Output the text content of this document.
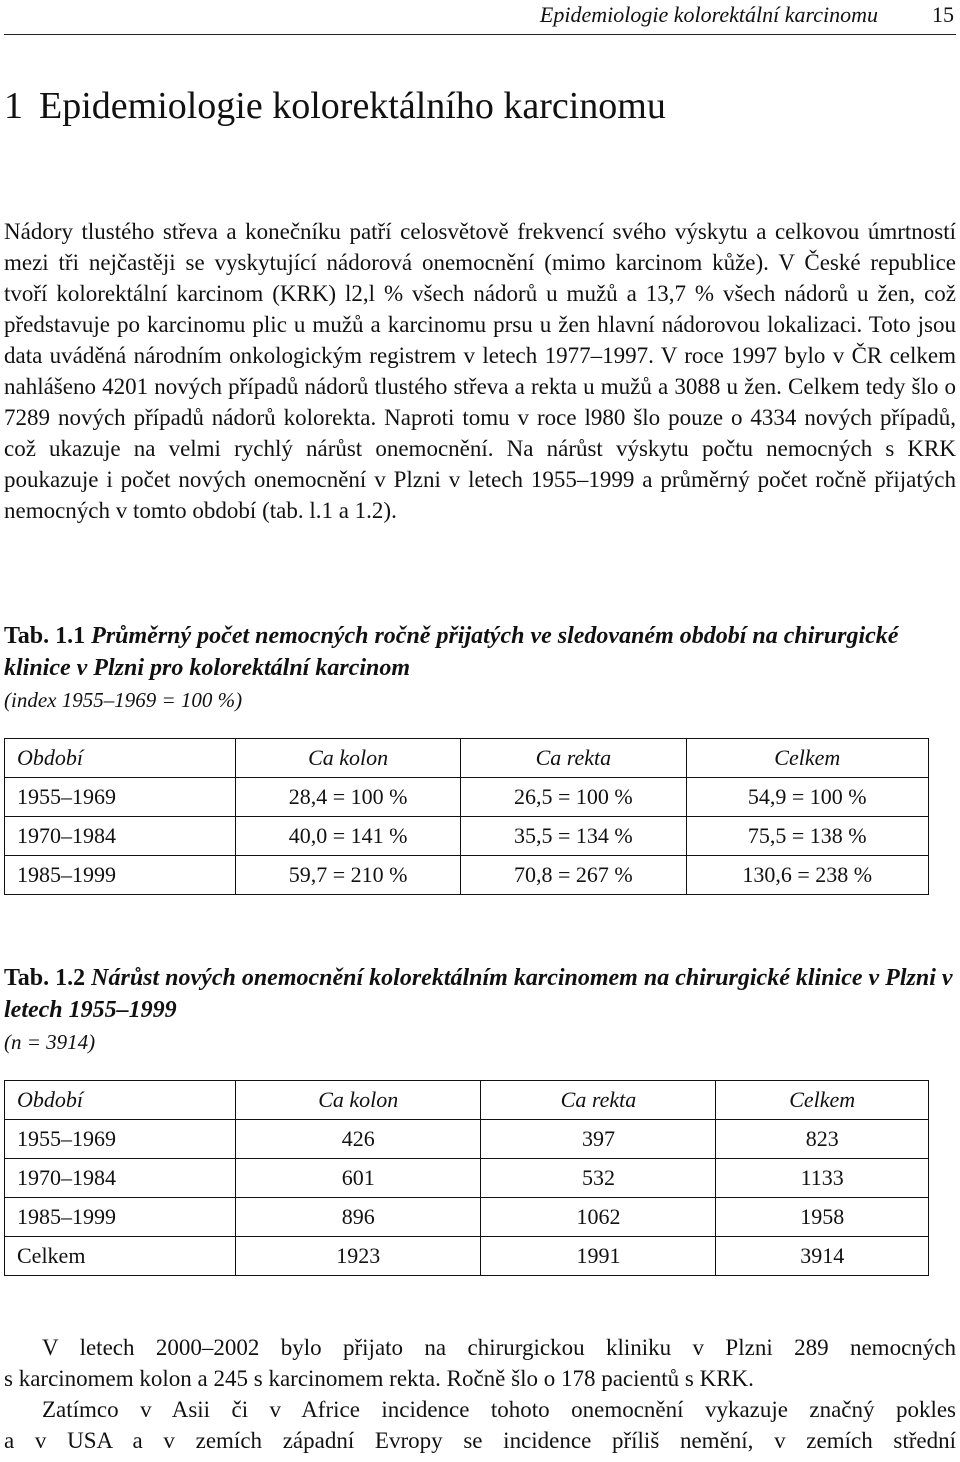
Epidemiologie kolorektální karcinomu 15
1 Epidemiologie kolorektálního karcinomu

Nádory tlustého střeva a konečníku patří celosvětově frekvencí svého výskytu a celkovou úmrtností mezi tři nejčastěji se vyskytující nádorová onemocnění (mimo karcinom kůže). V České republice tvoří kolorektální karcinom (KRK) l2,l % všech nádorů u mužů a 13,7 % všech nádorů u žen, což představuje po karcinomu plic u mužů a karcinomu prsu u žen hlavní nádorovou lokalizaci. Toto jsou data uváděná národním onkologickým registrem v letech 1977–1997. V roce 1997 bylo v ČR celkem nahlášeno 4201 nových případů nádorů tlustého střeva a rekta u mužů a 3088 u žen. Celkem tedy šlo o 7289 nových případů nádorů kolorekta. Naproti tomu v roce l980 šlo pouze o 4334 nových případů, což ukazuje na velmi rychlý nárůst onemocnění. Na nárůst výskytu počtu nemocných s KRK poukazuje i počet nových onemocnění v Plzni v letech 1955–1999 a průměrný počet ročně přijatých nemocných v tomto období (tab. l.1 a 1.2).

Tab. 1.1 Průměrný počet nemocných ročně přijatých ve sledovaném období na chirurgické klinice v Plzni pro kolorektální karcinom
(index 1955–1969 = 100 %)

Období	Ca kolon	Ca rekta	Celkem
1955–1969	28,4 = 100 %	26,5 = 100 %	54,9 = 100 %
1970–1984	40,0 = 141 %	35,5 = 134 %	75,5 = 138 %
1985–1999	59,7 = 210 %	70,8 = 267 %	130,6 = 238 %

Tab. 1.2 Nárůst nových onemocnění kolorektálním karcinomem na chirurgické klinice v Plzni v letech 1955–1999
(n = 3914)

Období	Ca kolon	Ca rekta	Celkem
1955–1969	426	397	823
1970–1984	601	532	1133
1985–1999	896	1062	1958
Celkem	1923	1991	3914

V letech 2000–2002 bylo přijato na chirurgickou kliniku v Plzni 289 nemocných
s karcinomem kolon a 245 s karcinomem rekta. Ročně šlo o 178 pacientů s KRK.
Zatímco v Asii či v Africe incidence tohoto onemocnění vykazuje značný pokles
a v USA a v zemích západní Evropy se incidence příliš nemění, v zemích střední
